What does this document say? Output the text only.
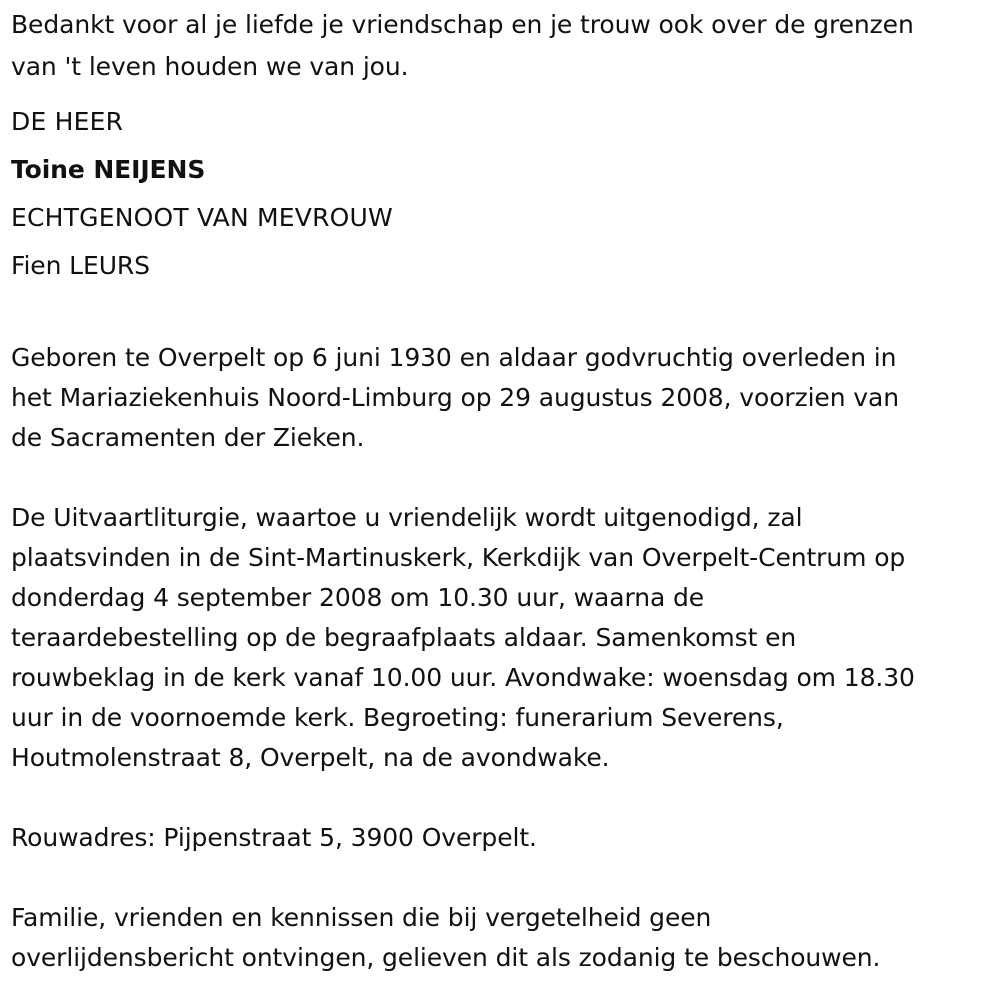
Bedankt voor al je liefde je vriendschap en je trouw ook over de grenzen
van 't leven houden we van jou.
DE HEER
Toine NEIJENS
ECHTGENOOT VAN MEVROUW
Fien LEURS
Geboren te Overpelt op 6 juni 1930 en aldaar godvruchtig overleden in
het Mariaziekenhuis Noord-Limburg op 29 augustus 2008, voorzien van
de Sacramenten der Zieken.
De Uitvaartliturgie, waartoe u vriendelijk wordt uitgenodigd, zal
plaatsvinden in de Sint-Martinuskerk, Kerkdijk van Overpelt-Centrum op
donderdag 4 september 2008 om 10.30 uur, waarna de
teraardebestelling op de begraafplaats aldaar. Samenkomst en
rouwbeklag in de kerk vanaf 10.00 uur. Avondwake: woensdag om 18.30
uur in de voornoemde kerk. Begroeting: funerarium Severens,
Houtmolenstraat 8, Overpelt, na de avondwake.
Rouwadres: Pijpenstraat 5, 3900 Overpelt.
Familie, vrienden en kennissen die bij vergetelheid geen
overlijdensbericht ontvingen, gelieven dit als zodanig te beschouwen.
